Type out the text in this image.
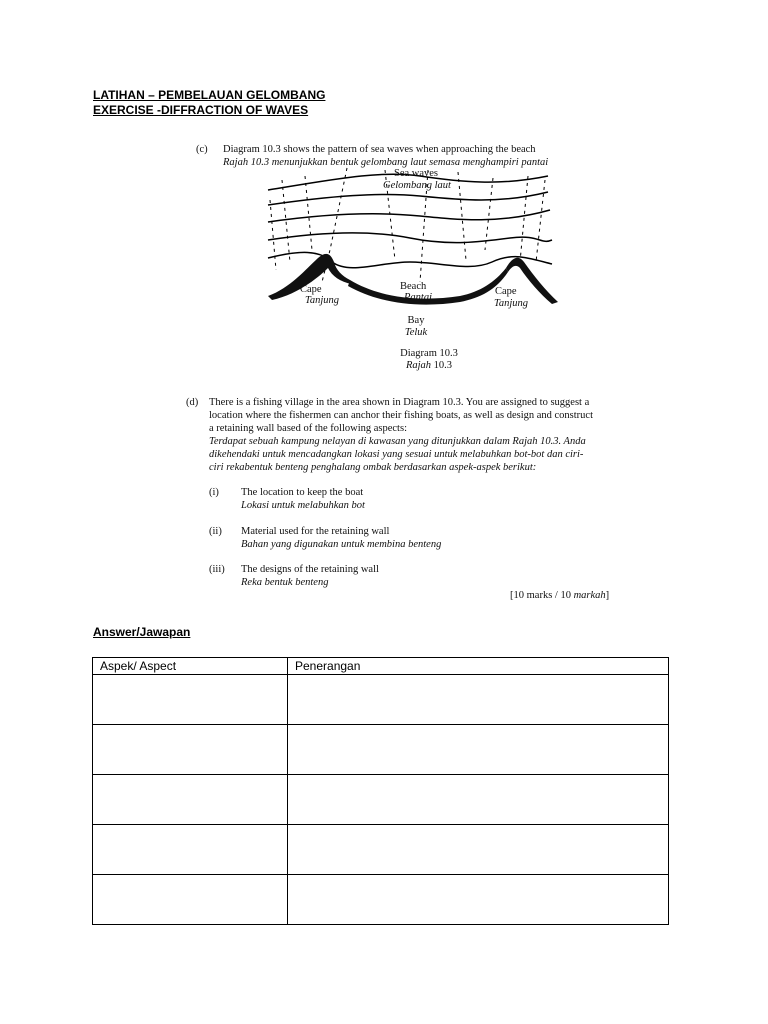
LATIHAN – PEMBELAUAN GELOMBANG
EXERCISE -DIFFRACTION OF WAVES
(c) Diagram 10.3 shows the pattern of sea waves when approaching the beach
Rajah 10.3 menunjukkan bentuk gelombang laut semasa menghampiri pantai
Sea waves
Gelombang laut
Cape
Tanjung
Beach
Pantai
Cape
Tanjung
Bay
Teluk
Diagram 10.3
Rajah 10.3
(d) There is a fishing village in the area shown in Diagram 10.3. You are assigned to suggest a
location where the fishermen can anchor their fishing boats, as well as design and construct
a retaining wall based of the following aspects:
Terdapat sebuah kampung nelayan di kawasan yang ditunjukkan dalam Rajah 10.3. Anda
dikehendaki untuk mencadangkan lokasi yang sesuai untuk melabuhkan bot-bot dan ciri-
ciri rekabentuk benteng penghalang ombak berdasarkan aspek-aspek berikut:
(i) The location to keep the boat
Lokasi untuk melabuhkan bot
(ii) Material used for the retaining wall
Bahan yang digunakan untuk membina benteng
(iii) The designs of the retaining wall
Reka bentuk benteng
[10 marks / 10 markah]
Answer/Jawapan
Aspek/ Aspect	Penerangan
